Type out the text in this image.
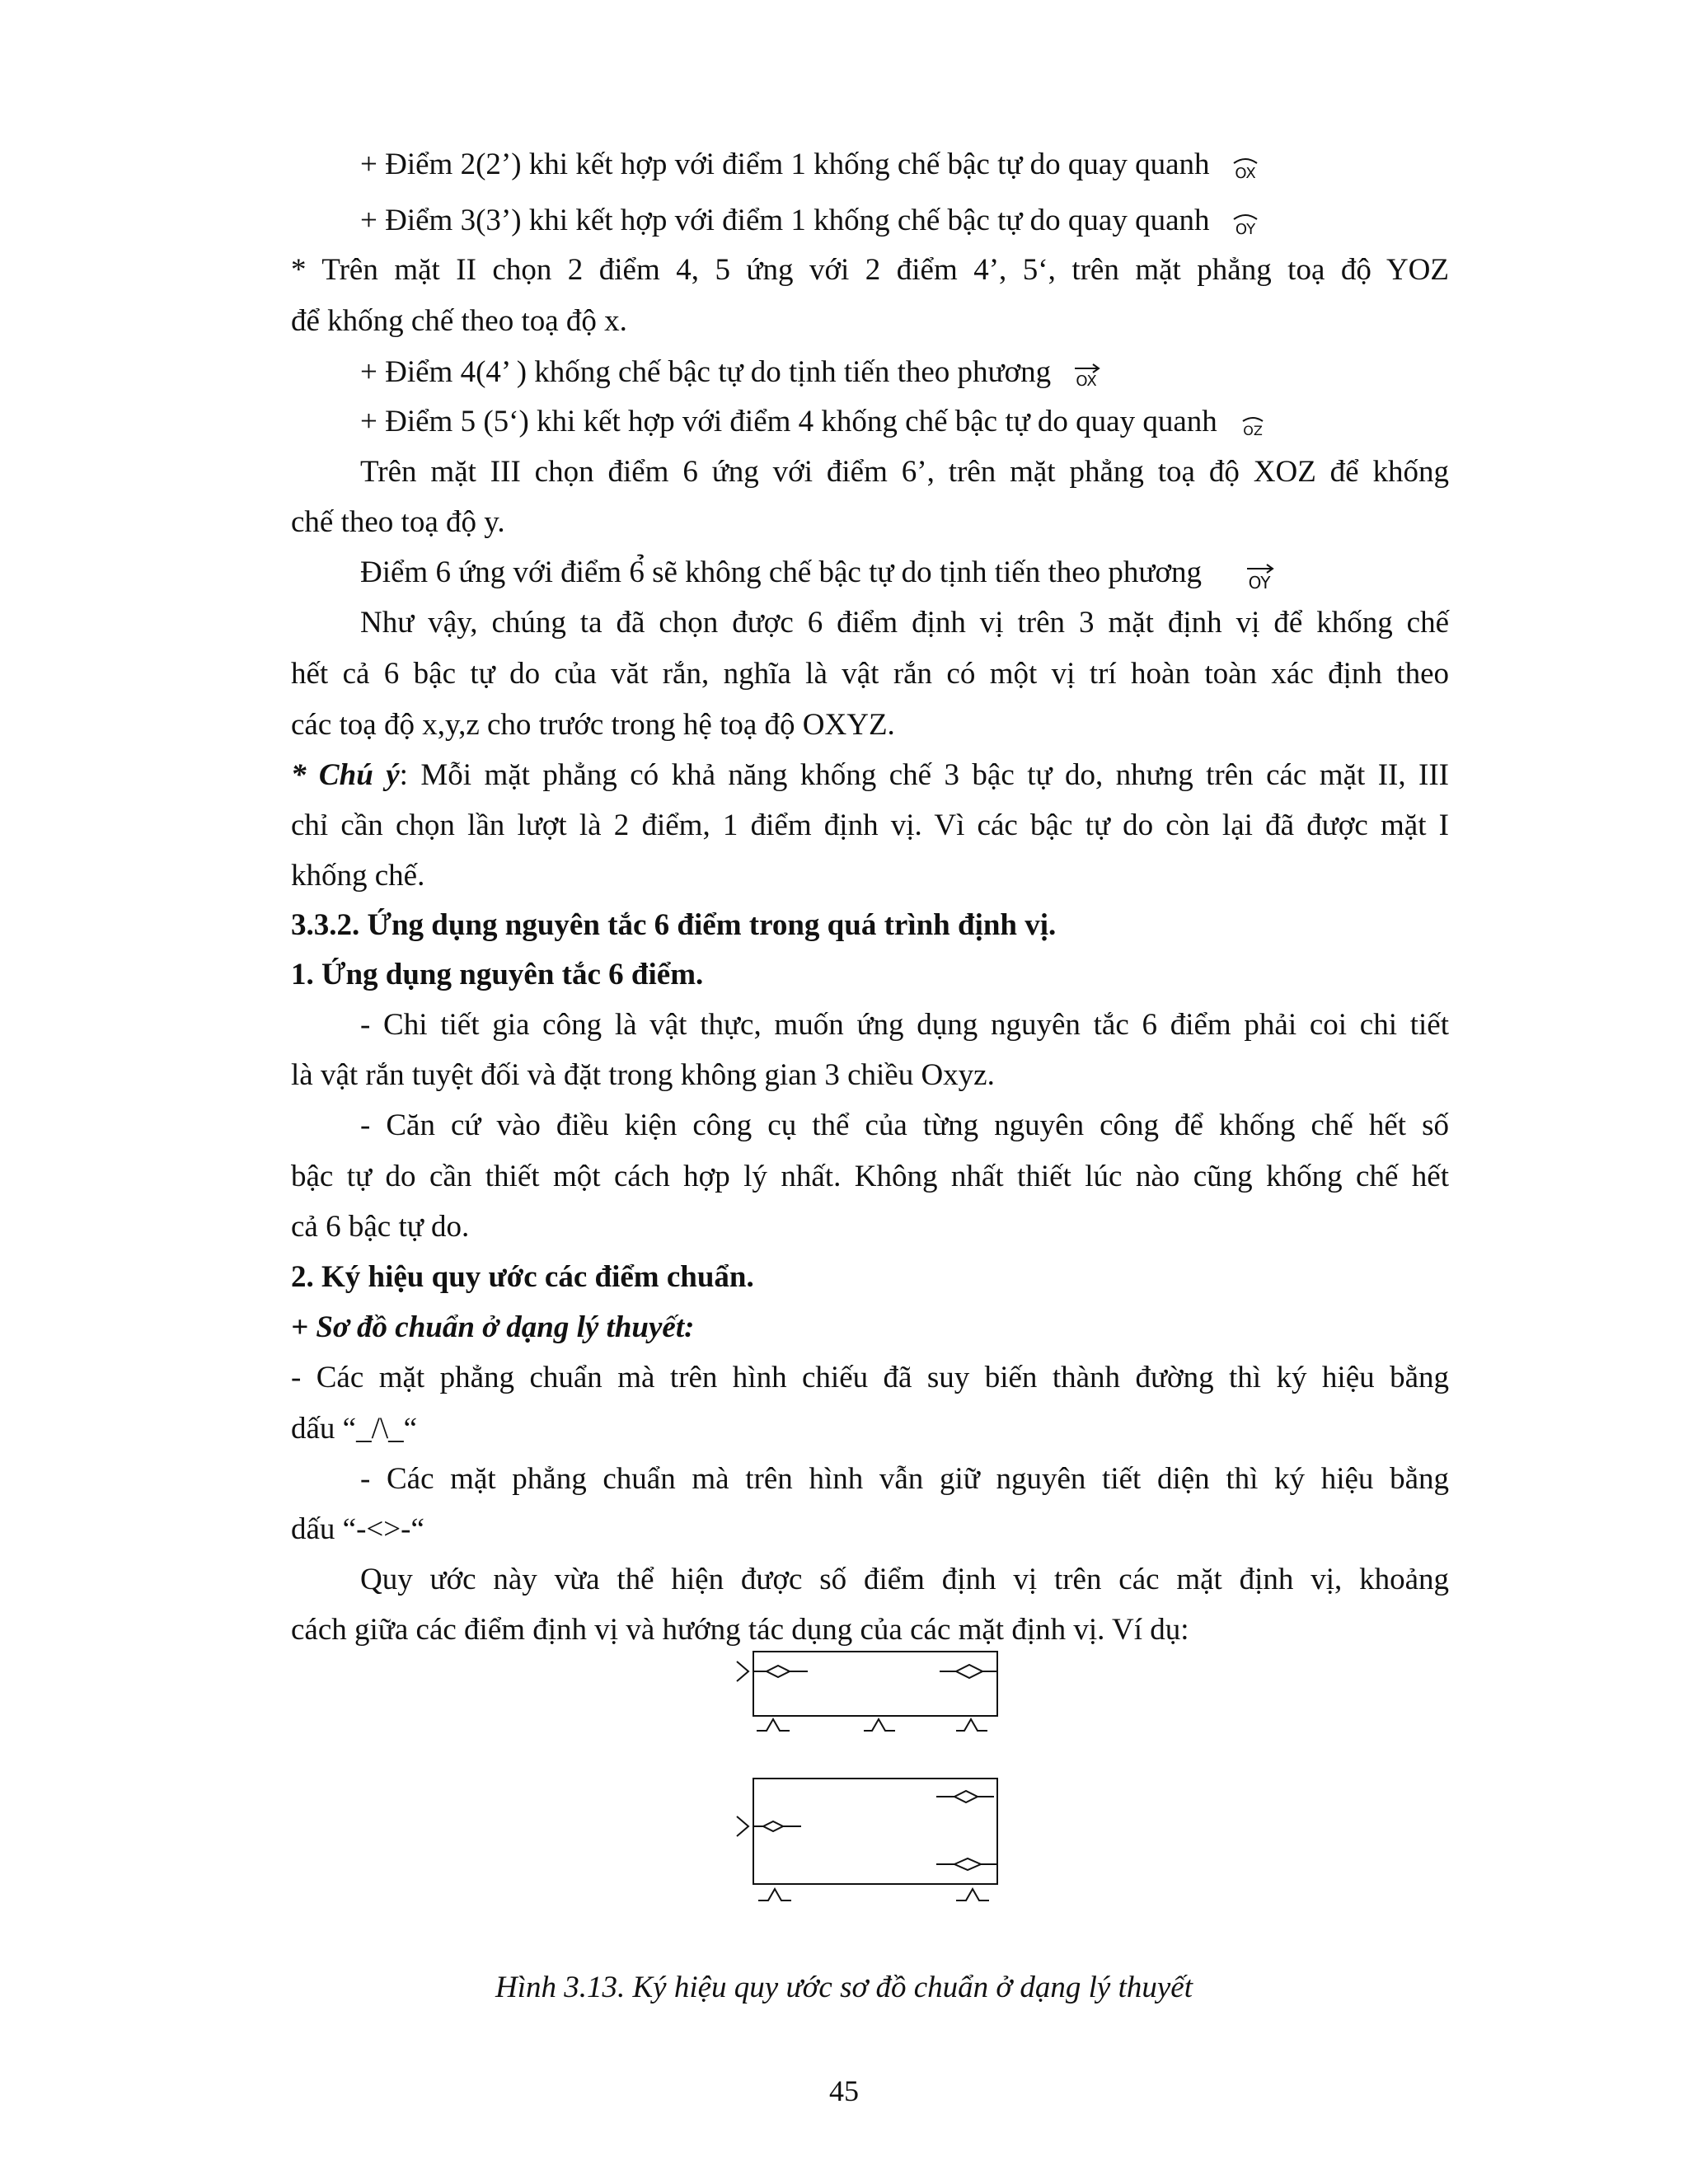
+ Điểm 2(2’) khi kết hợp với điểm 1 khống chế bậc tự do quay quanh OX
+ Điểm 3(3’) khi kết hợp với điểm 1 khống chế bậc tự do quay quanh OY
* Trên mặt II chọn 2 điểm 4, 5 ứng với 2 điểm 4’, 5‘, trên mặt phẳng toạ độ YOZ
để khống chế theo toạ độ x.
+ Điểm 4(4’ ) khống chế bậc tự do tịnh tiến theo phương OX
+ Điểm 5 (5‘) khi kết hợp với điểm 4 khống chế bậc tự do quay quanh OZ
Trên mặt III chọn điểm 6 ứng với điểm 6’, trên mặt phẳng toạ độ XOZ để khống
chế theo toạ độ y.
Điểm 6 ứng với điểm 6̉ sẽ không chế bậc tự do tịnh tiến theo phương	OY
Như vậy, chúng ta đã chọn được 6 điểm định vị trên 3 mặt định vị để khống chế
hết cả 6 bậc tự do của văt rắn, nghĩa là vật rắn có một vị trí hoàn toàn xác định theo
các toạ độ x,y,z cho trước trong hệ toạ độ OXYZ.
* Chú ý: Mỗi mặt phẳng có khả năng khống chế 3 bậc tự do, nhưng trên các mặt II, III
chỉ cần chọn lần lượt là 2 điểm, 1 điểm định vị. Vì các bậc tự do còn lại đã được mặt I
khống chế.
3.3.2. Ứng dụng nguyên tắc 6 điểm trong quá trình định vị.
1. Ứng dụng nguyên tắc 6 điểm.
- Chi tiết gia công là vật thực, muốn ứng dụng nguyên tắc 6 điểm phải coi chi tiết
là vật rắn tuyệt đối và đặt trong không gian 3 chiều Oxyz.
- Căn cứ vào điều kiện công cụ thể của từng nguyên công để khống chế hết số
bậc tự do cần thiết một cách hợp lý nhất. Không nhất thiết lúc nào cũng khống chế hết
cả 6 bậc tự do.
2. Ký hiệu quy ước các điểm chuẩn.
+ Sơ đồ chuẩn ở dạng lý thuyết:
- Các mặt phẳng chuẩn mà trên hình chiếu đã suy biến thành đường thì ký hiệu bằng
dấu “_/\_“
- Các mặt phẳng chuẩn mà trên hình vẫn giữ nguyên tiết diện thì ký hiệu bằng
dấu “-<>-“
Quy ước này vừa thể hiện được số điểm định vị trên các mặt định vị, khoảng
cách giữa các điểm định vị và hướng tác dụng của các mặt định vị. Ví dụ:
Hình 3.13. Ký hiệu quy ước sơ đồ chuẩn ở dạng lý thuyết
45
